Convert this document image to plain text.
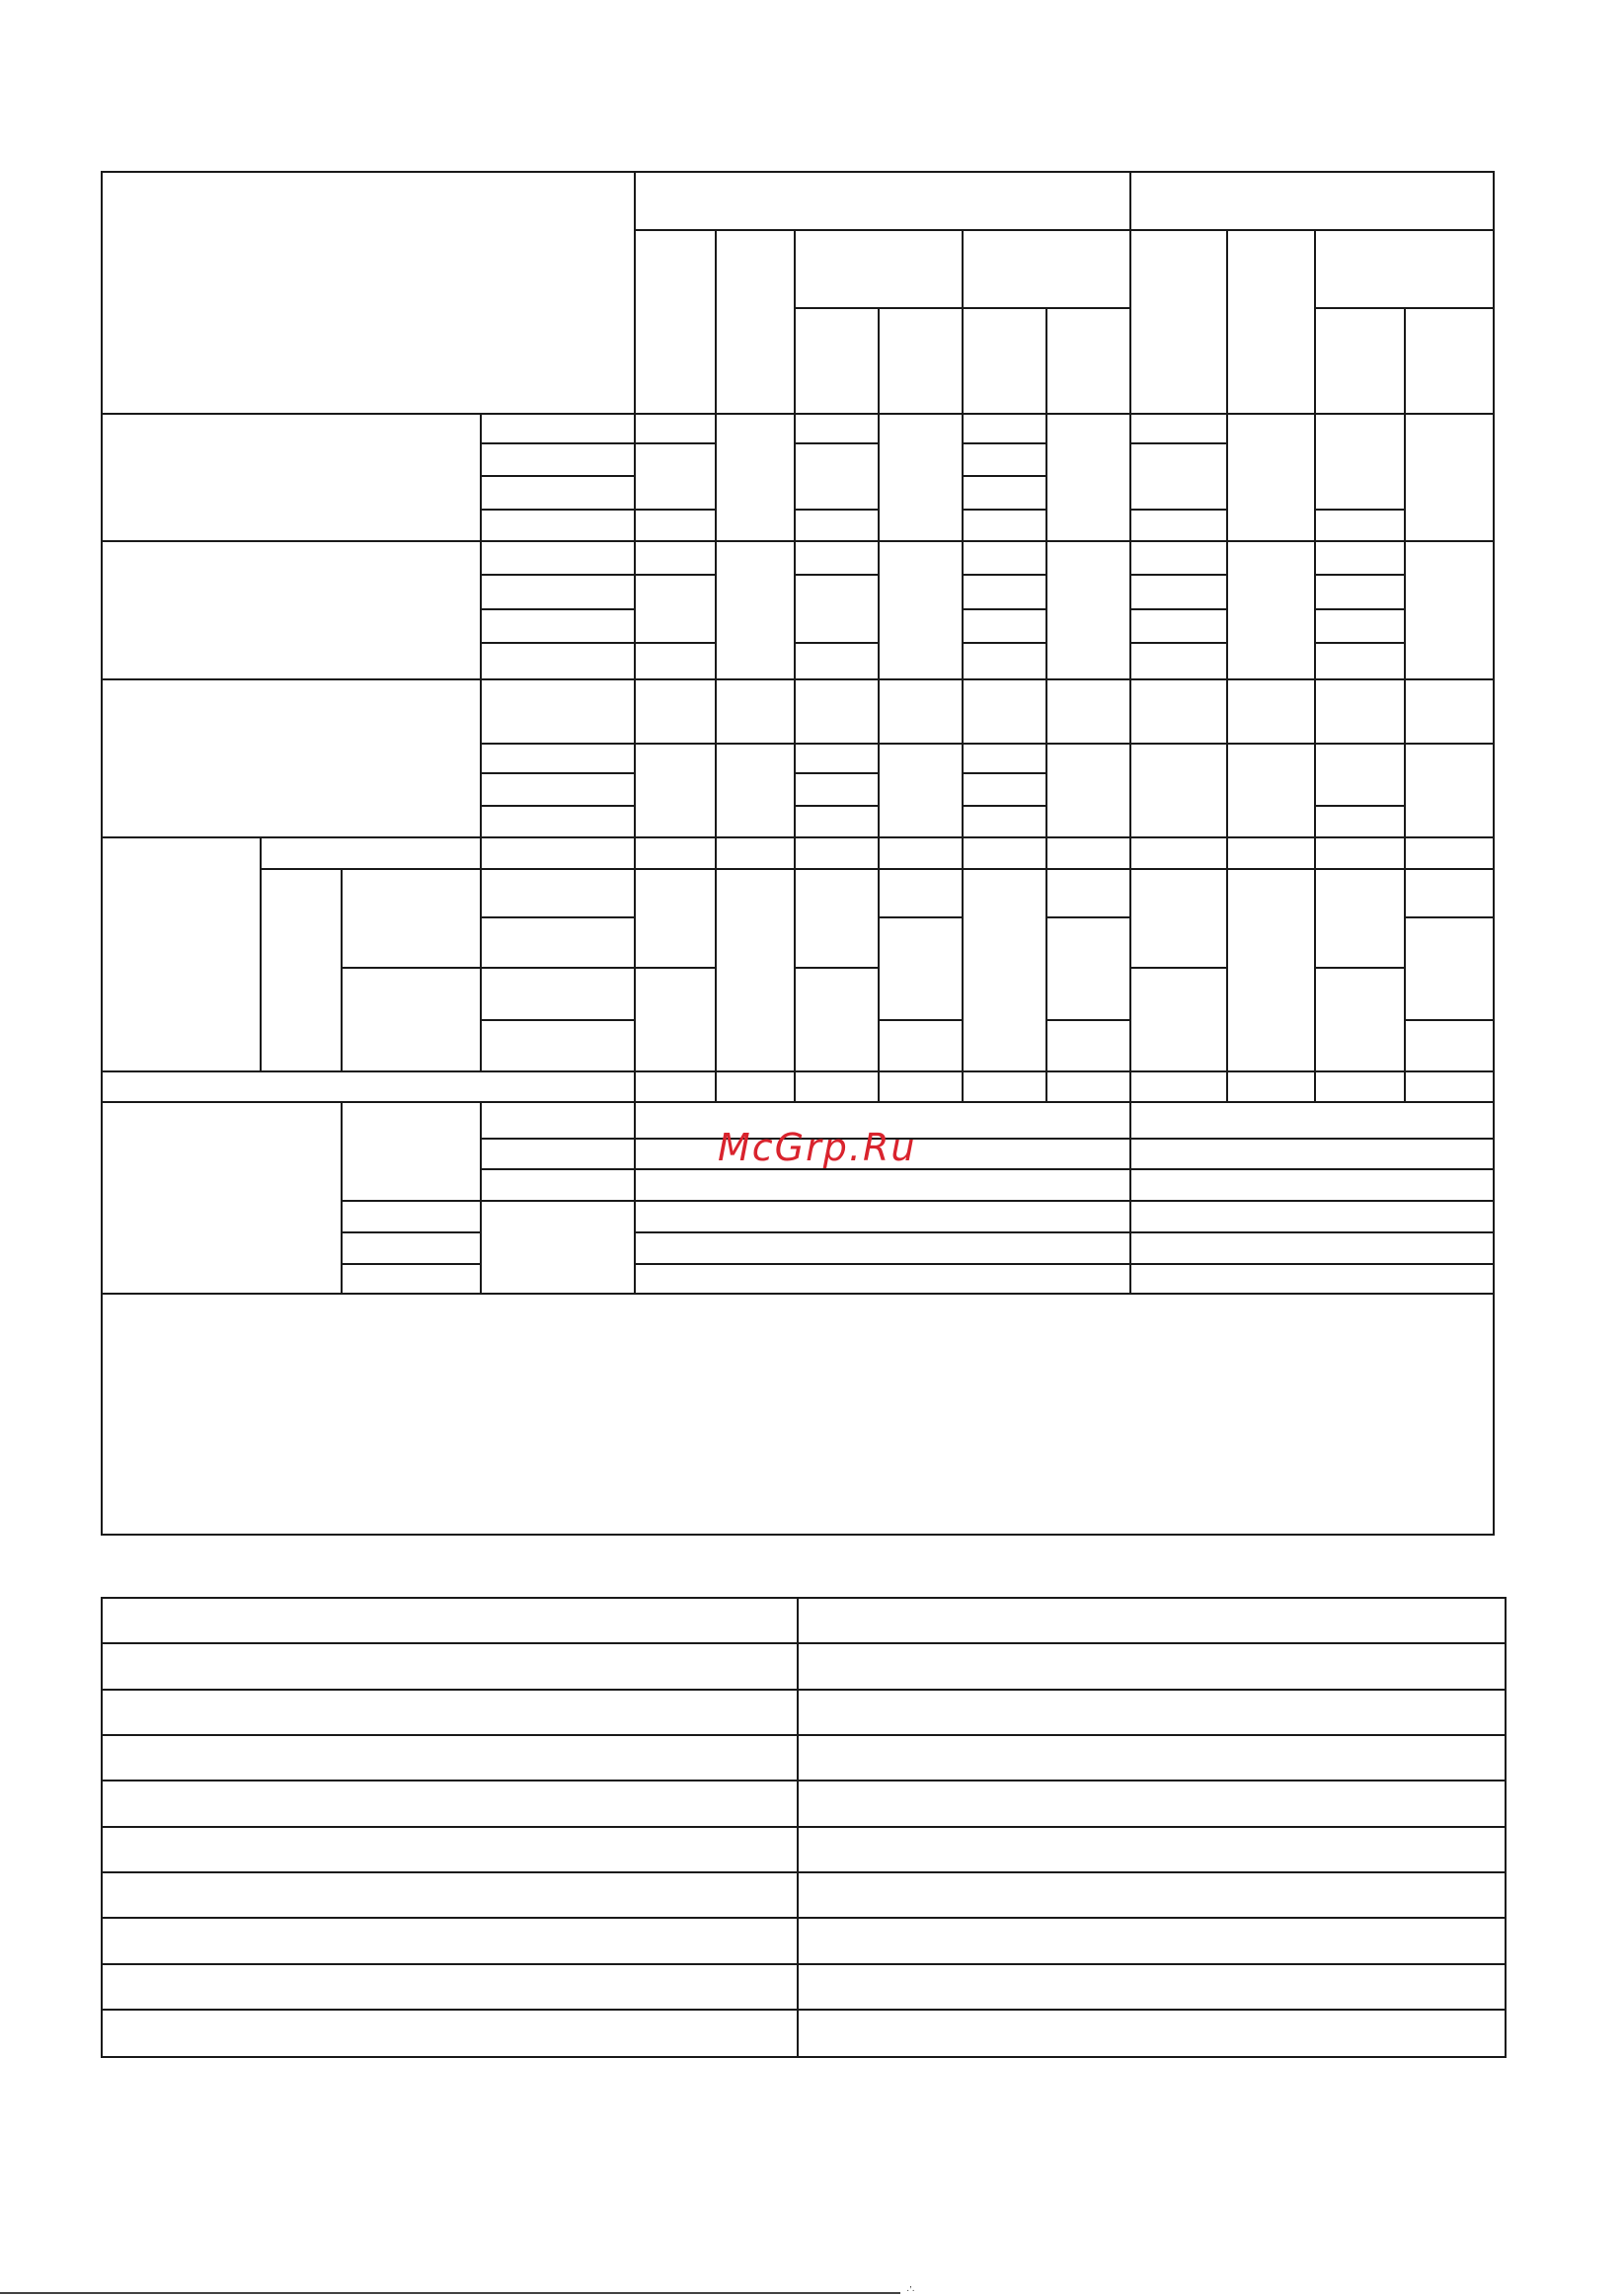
McGrp.Ru
·’·
